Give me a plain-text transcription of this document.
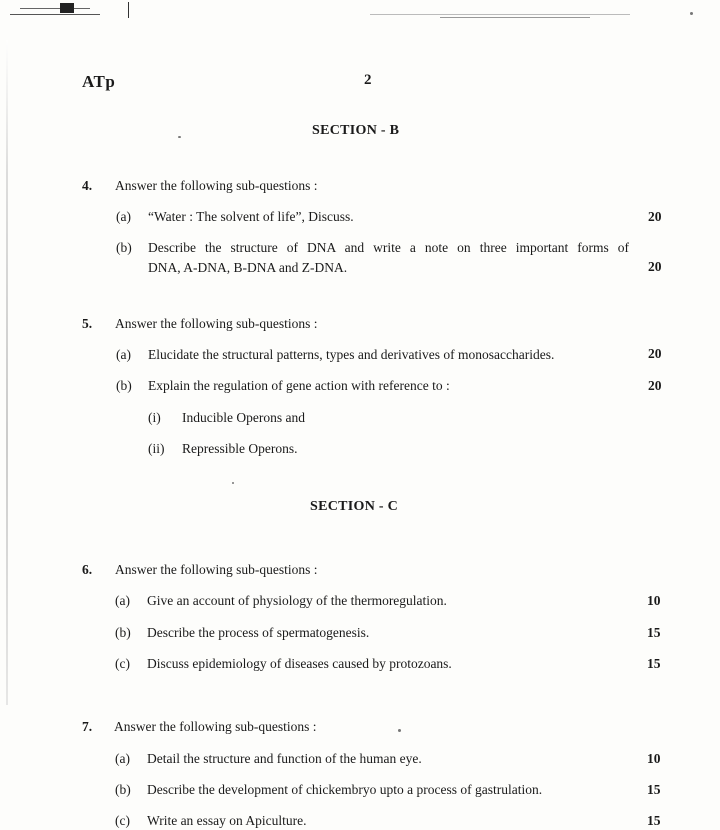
ATp	2
SECTION - B
4. Answer the following sub-questions :
(a) “Water : The solvent of life”, Discuss.	20
(b) Describe the structure of DNA and write a note on three important forms of
DNA, A-DNA, B-DNA and Z-DNA.	20
5. Answer the following sub-questions :
(a) Elucidate the structural patterns, types and derivatives of monosaccharides.	20
(b) Explain the regulation of gene action with reference to :	20
(i) Inducible Operons and
(ii) Repressible Operons.
SECTION - C
6. Answer the following sub-questions :
(a) Give an account of physiology of the thermoregulation.	10
(b) Describe the process of spermatogenesis.	15
(c) Discuss epidemiology of diseases caused by protozoans.	15
7. Answer the following sub-questions :
(a) Detail the structure and function of the human eye.	10
(b) Describe the development of chickembryo upto a process of gastrulation.	15
(c) Write an essay on Apiculture.	15
